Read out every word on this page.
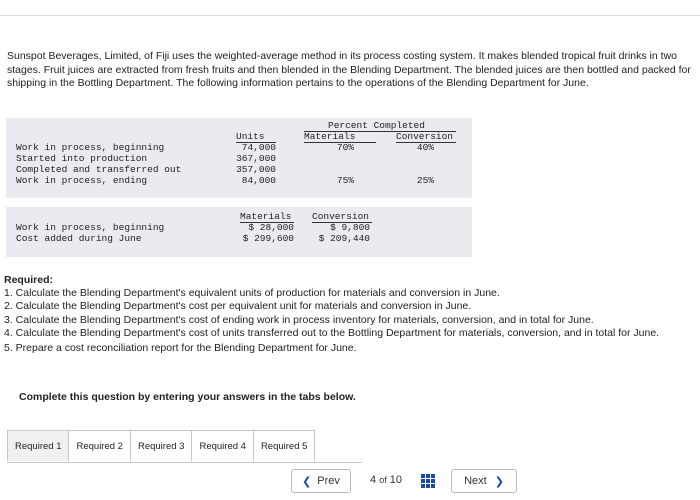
Sunspot Beverages, Limited, of Fiji uses the weighted-average method in its process costing system. It makes blended tropical fruit drinks in two stages. Fruit juices are extracted from fresh fruits and then blended in the Blending Department. The blended juices are then bottled and packed for shipping in the Bottling Department. The following information pertains to the operations of the Blending Department for June.
Percent Completed
Units	Materials	Conversion
Work in process, beginning	74,000	70%	40%
Started into production	367,000
Completed and transferred out	357,000
Work in process, ending	84,000	75%	25%
Materials Conversion
Work in process, beginning	$ 28,000	$ 9,800
Cost added during June	$ 299,600	$ 209,440

Required:

1. Calculate the Blending Department's equivalent units of production for materials and conversion in June.

2. Calculate the Blending Department's cost per equivalent unit for materials and conversion in June.

3. Calculate the Blending Department's cost of ending work in process inventory for materials, conversion, and in total for June.

4. Calculate the Blending Department's cost of units transferred out to the Bottling Department for materials, conversion, and in total for June.

5. Prepare a cost reconciliation report for the Blending Department for June.

Complete this question by entering your answers in the tabs below.
Required 1	Required 2	Required 3	Required 4	Required 5
❮ Prev	4 of 10	Next ❯
